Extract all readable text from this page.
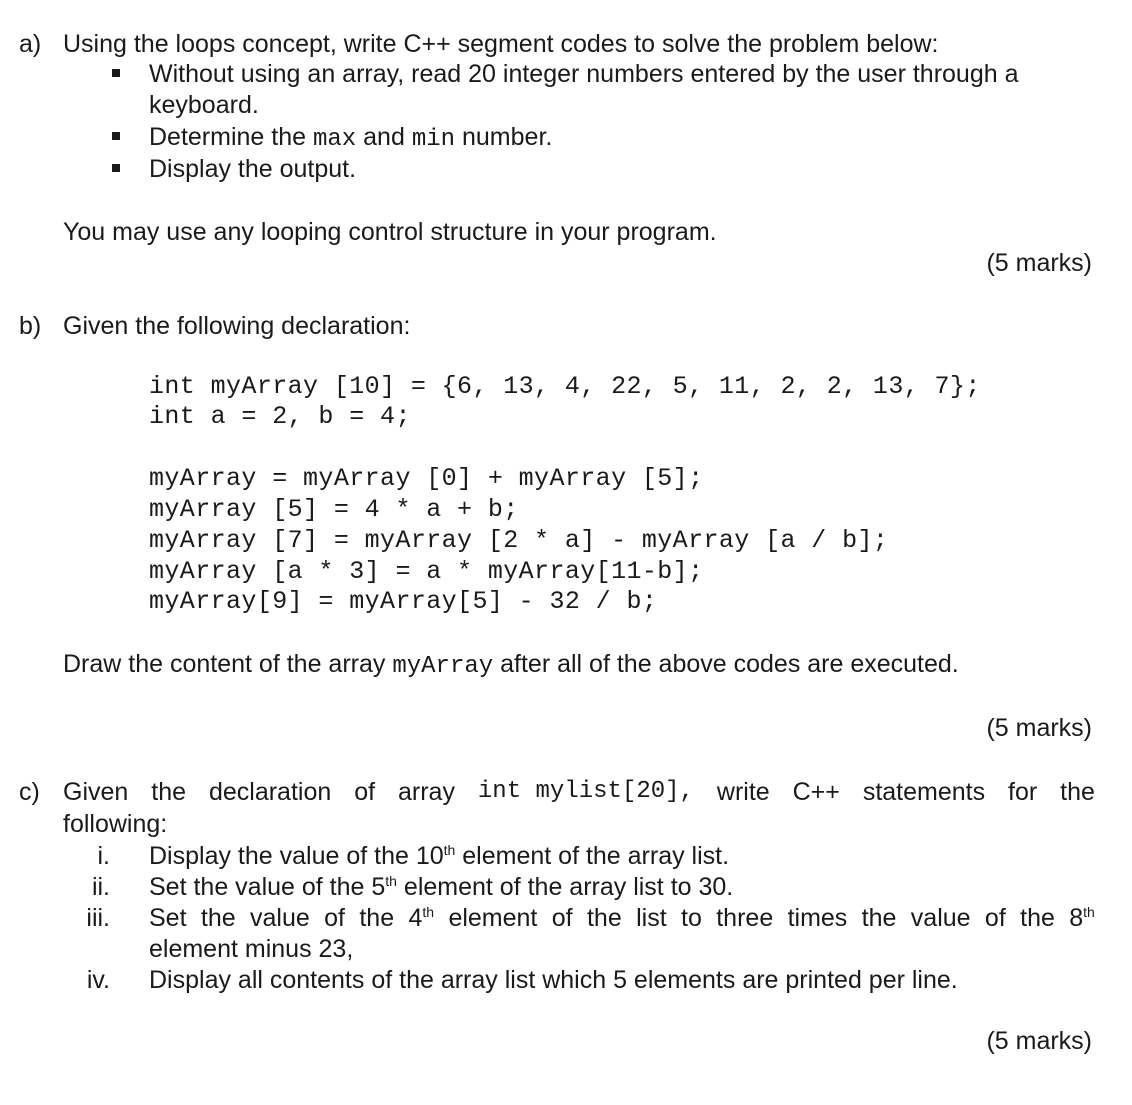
a) Using the loops concept, write C++ segment codes to solve the problem below:
Without using an array, read 20 integer numbers entered by the user through a
keyboard.
Determine the max and min number.
Display the output.
You may use any looping control structure in your program.
(5 marks)
b) Given the following declaration:
int myArray [10] = {6, 13, 4, 22, 5, 11, 2, 2, 13, 7};
int a = 2, b = 4;
myArray = myArray [0] + myArray [5];
myArray [5] = 4 * a + b;
myArray [7] = myArray [2 * a] - myArray [a / b];
myArray [a * 3] = a * myArray[11-b];
myArray[9] = myArray[5] - 32 / b;
Draw the content of the array myArray after all of the above codes are executed.
(5 marks)
c) Given the declaration of array int mylist[20], write C++ statements for the
following:
i. Display the value of the 10th element of the array list.
ii. Set the value of the 5th element of the array list to 30.
iii. Set the value of the 4th element of the list to three times the value of the 8th
element minus 23,
iv. Display all contents of the array list which 5 elements are printed per line.
(5 marks)
